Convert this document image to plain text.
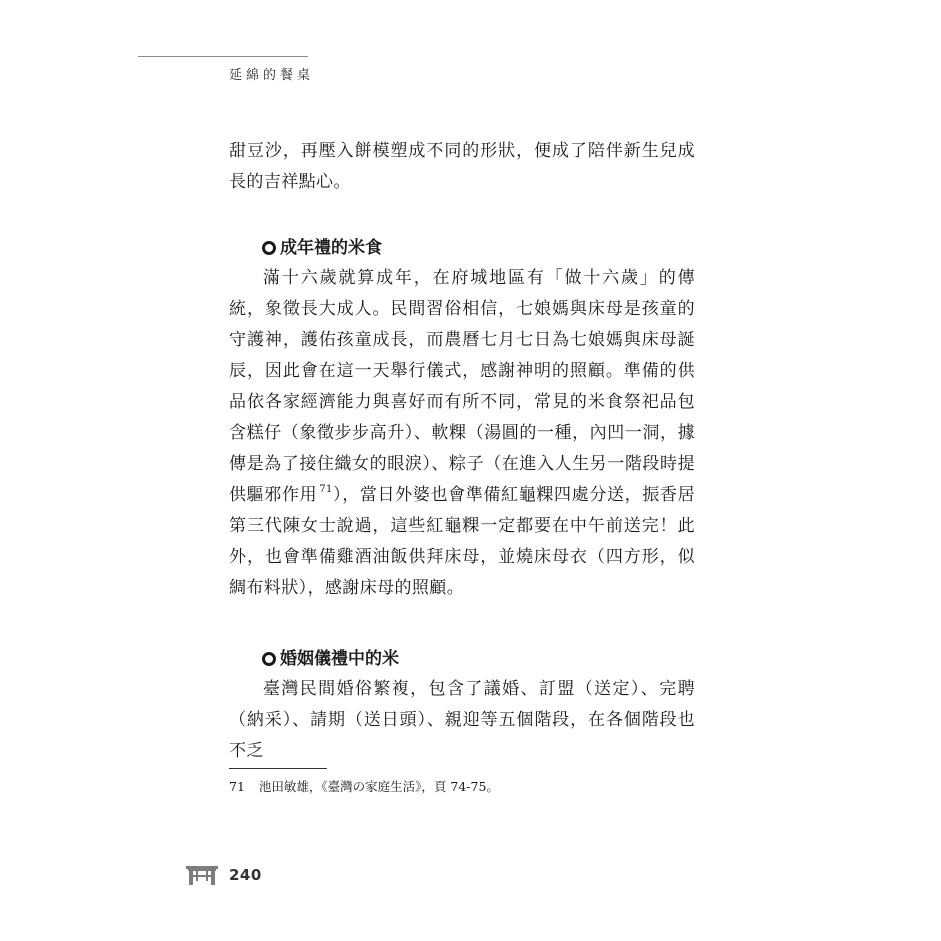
延綿的餐桌
甜豆沙，再壓入餅模塑成不同的形狀，便成了陪伴新生兒成長的吉祥點心。
成年禮的米食
滿十六歲就算成年，在府城地區有「做十六歲」的傳統，象徵長大成人。民間習俗相信，七娘媽與床母是孩童的守護神，護佑孩童成長，而農曆七月七日為七娘媽與床母誕辰，因此會在這一天舉行儀式，感謝神明的照顧。準備的供品依各家經濟能力與喜好而有所不同，常見的米食祭祀品包含糕仔（象徵步步高升）、軟粿（湯圓的一種，內凹一洞，據傳是為了接住織女的眼淚）、粽子（在進入人生另一階段時提供驅邪作用 $^{71}$），當日外婆也會準備紅龜粿四處分送，振香居第三代陳女士說過，這些紅龜粿一定都要在中午前送完！此外，也會準備雞酒油飯供拜床母，並燒床母衣（四方形，似綢布料狀），感謝床母的照顧。
婚姻儀禮中的米
臺灣民間婚俗繁複，包含了議婚、訂盟（送定）、完聘（納采）、請期（送日頭）、親迎等五個階段，在各個階段也不乏
71 池田敏雄，《臺灣の家庭生活》，頁 74-75。
240
